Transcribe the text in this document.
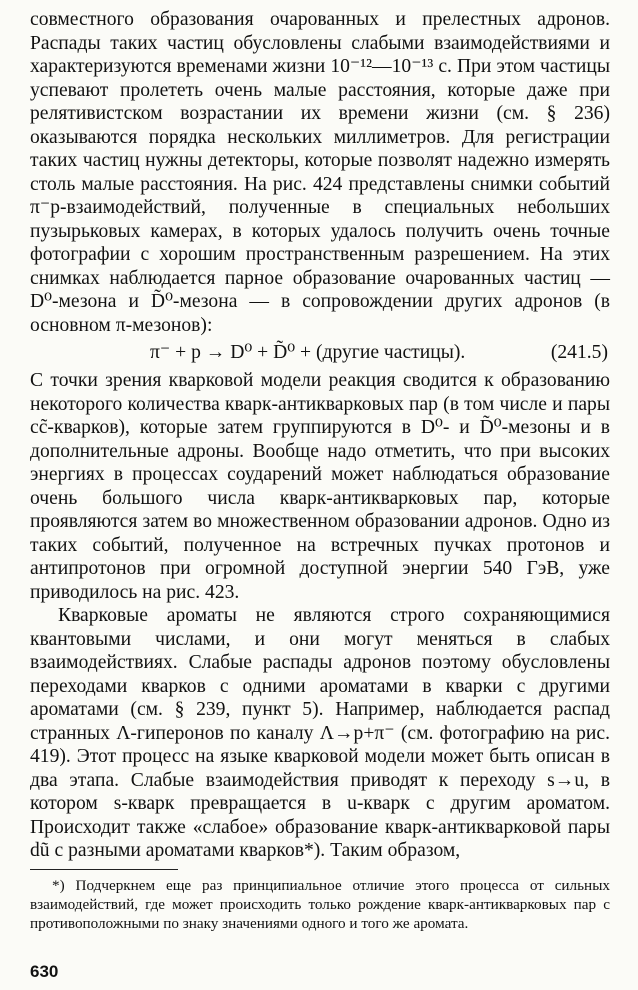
совместного образования очарованных и прелестных адронов. Распады таких частиц обусловлены слабыми взаимодействиями и характеризуются временами жизни 10⁻¹²—10⁻¹³ с. При этом частицы успевают пролететь очень малые расстояния, которые даже при релятивистском возрастании их времени жизни (см. § 236) оказываются порядка нескольких миллиметров. Для регистрации таких частиц нужны детекторы, которые позволят надежно измерять столь малые расстояния. На рис. 424 представлены снимки событий π⁻p-взаимодействий, полученные в специальных небольших пузырьковых камерах, в которых удалось получить очень точные фотографии с хорошим пространственным разрешением. На этих снимках наблюдается парное образование очарованных частиц — D⁰-мезона и D̃⁰-мезона — в сопровождении других адронов (в основном π-мезонов):

π⁻ + p → D⁰ + D̃⁰ + (другие частицы).	(241.5)

С точки зрения кварковой модели реакция сводится к образованию некоторого количества кварк-антикварковых пар (в том числе и пары cc̃-кварков), которые затем группируются в D⁰- и D̃⁰-мезоны и в дополнительные адроны. Вообще надо отметить, что при высоких энергиях в процессах соударений может наблюдаться образование очень большого числа кварк-антикварковых пар, которые проявляются затем во множественном образовании адронов. Одно из таких событий, полученное на встречных пучках протонов и антипротонов при огромной доступной энергии 540 ГэВ, уже приводилось на рис. 423.

Кварковые ароматы не являются строго сохраняющимися квантовыми числами, и они могут меняться в слабых взаимодействиях. Слабые распады адронов поэтому обусловлены переходами кварков с одними ароматами в кварки с другими ароматами (см. § 239, пункт 5). Например, наблюдается распад странных Λ-гиперонов по каналу Λ→p+π⁻ (см. фотографию на рис. 419). Этот процесс на языке кварковой модели может быть описан в два этапа. Слабые взаимодействия приводят к переходу s→u, в котором s-кварк превращается в u-кварк с другим ароматом. Происходит также «слабое» образование кварк-антикварковой пары dũ с разными ароматами кварков*). Таким образом,

*) Подчеркнем еще раз принципиальное отличие этого процесса от сильных взаимодействий, где может происходить только рождение кварк-антикварковых пар с противоположными по знаку значениями одного и того же аромата.

630
